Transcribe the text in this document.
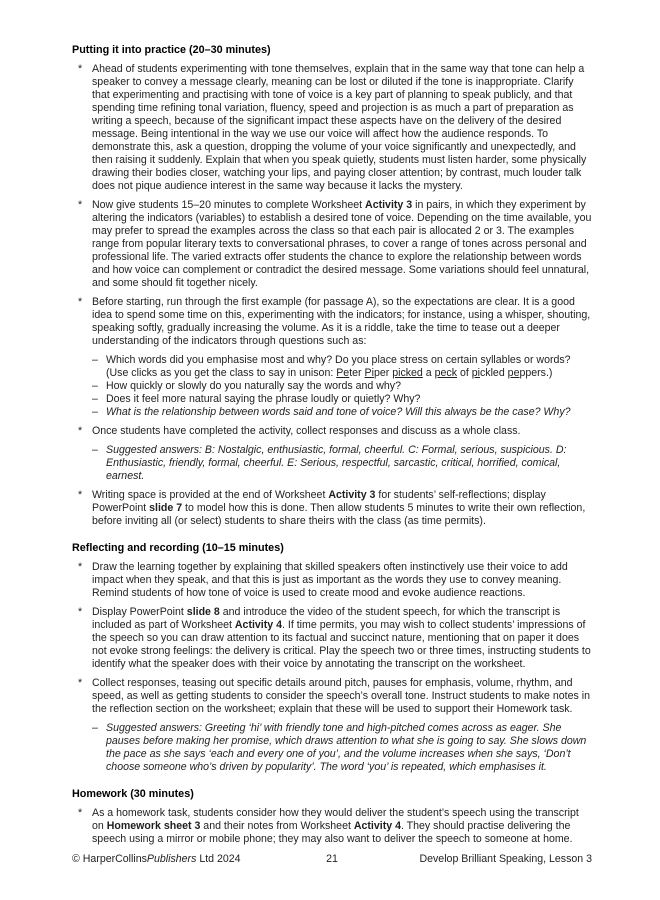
Putting it into practice (20–30 minutes)
* Ahead of students experimenting with tone themselves, explain that in the same way that tone can help a speaker to convey a message clearly, meaning can be lost or diluted if the tone is inappropriate. Clarify that experimenting and practising with tone of voice is a key part of planning to speak publicly, and that spending time refining tonal variation, fluency, speed and projection is as much a part of preparation as writing a speech, because of the significant impact these aspects have on the delivery of the desired message. Being intentional in the way we use our voice will affect how the audience responds. To demonstrate this, ask a question, dropping the volume of your voice significantly and unexpectedly, and then raising it suddenly. Explain that when you speak quietly, students must listen harder, some physically drawing their bodies closer, watching your lips, and paying closer attention; by contrast, much louder talk does not pique audience interest in the same way because it lacks the mystery.
* Now give students 15–20 minutes to complete Worksheet Activity 3 in pairs, in which they experiment by altering the indicators (variables) to establish a desired tone of voice. Depending on the time available, you may prefer to spread the examples across the class so that each pair is allocated 2 or 3. The examples range from popular literary texts to conversational phrases, to cover a range of tones across personal and professional life. The varied extracts offer students the chance to explore the relationship between words and how voice can complement or contradict the desired message. Some variations should feel unnatural, and some should fit together nicely.
* Before starting, run through the first example (for passage A), so the expectations are clear. It is a good idea to spend some time on this, experimenting with the indicators; for instance, using a whisper, shouting, speaking softly, gradually increasing the volume. As it is a riddle, take the time to tease out a deeper understanding of the indicators through questions such as:
– Which words did you emphasise most and why? Do you place stress on certain syllables or words? (Use clicks as you get the class to say in unison: Peter Piper picked a peck of pickled peppers.)
– How quickly or slowly do you naturally say the words and why?
– Does it feel more natural saying the phrase loudly or quietly? Why?
– What is the relationship between words said and tone of voice? Will this always be the case? Why?
* Once students have completed the activity, collect responses and discuss as a whole class.
– Suggested answers: B: Nostalgic, enthusiastic, formal, cheerful. C: Formal, serious, suspicious. D: Enthusiastic, friendly, formal, cheerful. E: Serious, respectful, sarcastic, critical, horrified, comical, earnest.
* Writing space is provided at the end of Worksheet Activity 3 for students’ self-reflections; display PowerPoint slide 7 to model how this is done. Then allow students 5 minutes to write their own reflection, before inviting all (or select) students to share theirs with the class (as time permits).
Reflecting and recording (10–15 minutes)
* Draw the learning together by explaining that skilled speakers often instinctively use their voice to add impact when they speak, and that this is just as important as the words they use to convey meaning. Remind students of how tone of voice is used to create mood and evoke audience reactions.
* Display PowerPoint slide 8 and introduce the video of the student speech, for which the transcript is included as part of Worksheet Activity 4. If time permits, you may wish to collect students’ impressions of the speech so you can draw attention to its factual and succinct nature, mentioning that on paper it does not evoke strong feelings: the delivery is critical. Play the speech two or three times, instructing students to identify what the speaker does with their voice by annotating the transcript on the worksheet.
* Collect responses, teasing out specific details around pitch, pauses for emphasis, volume, rhythm, and speed, as well as getting students to consider the speech’s overall tone. Instruct students to make notes in the reflection section on the worksheet; explain that these will be used to support their Homework task.
– Suggested answers: Greeting ‘hi’ with friendly tone and high-pitched comes across as eager. She pauses before making her promise, which draws attention to what she is going to say. She slows down the pace as she says ‘each and every one of you’, and the volume increases when she says, ‘Don’t choose someone who’s driven by popularity’. The word ‘you’ is repeated, which emphasises it.
Homework (30 minutes)
* As a homework task, students consider how they would deliver the student’s speech using the transcript on Homework sheet 3 and their notes from Worksheet Activity 4. They should practise delivering the speech using a mirror or mobile phone; they may also want to deliver the speech to someone at home.
© HarperCollinsPublishers Ltd 2024	21	Develop Brilliant Speaking, Lesson 3
